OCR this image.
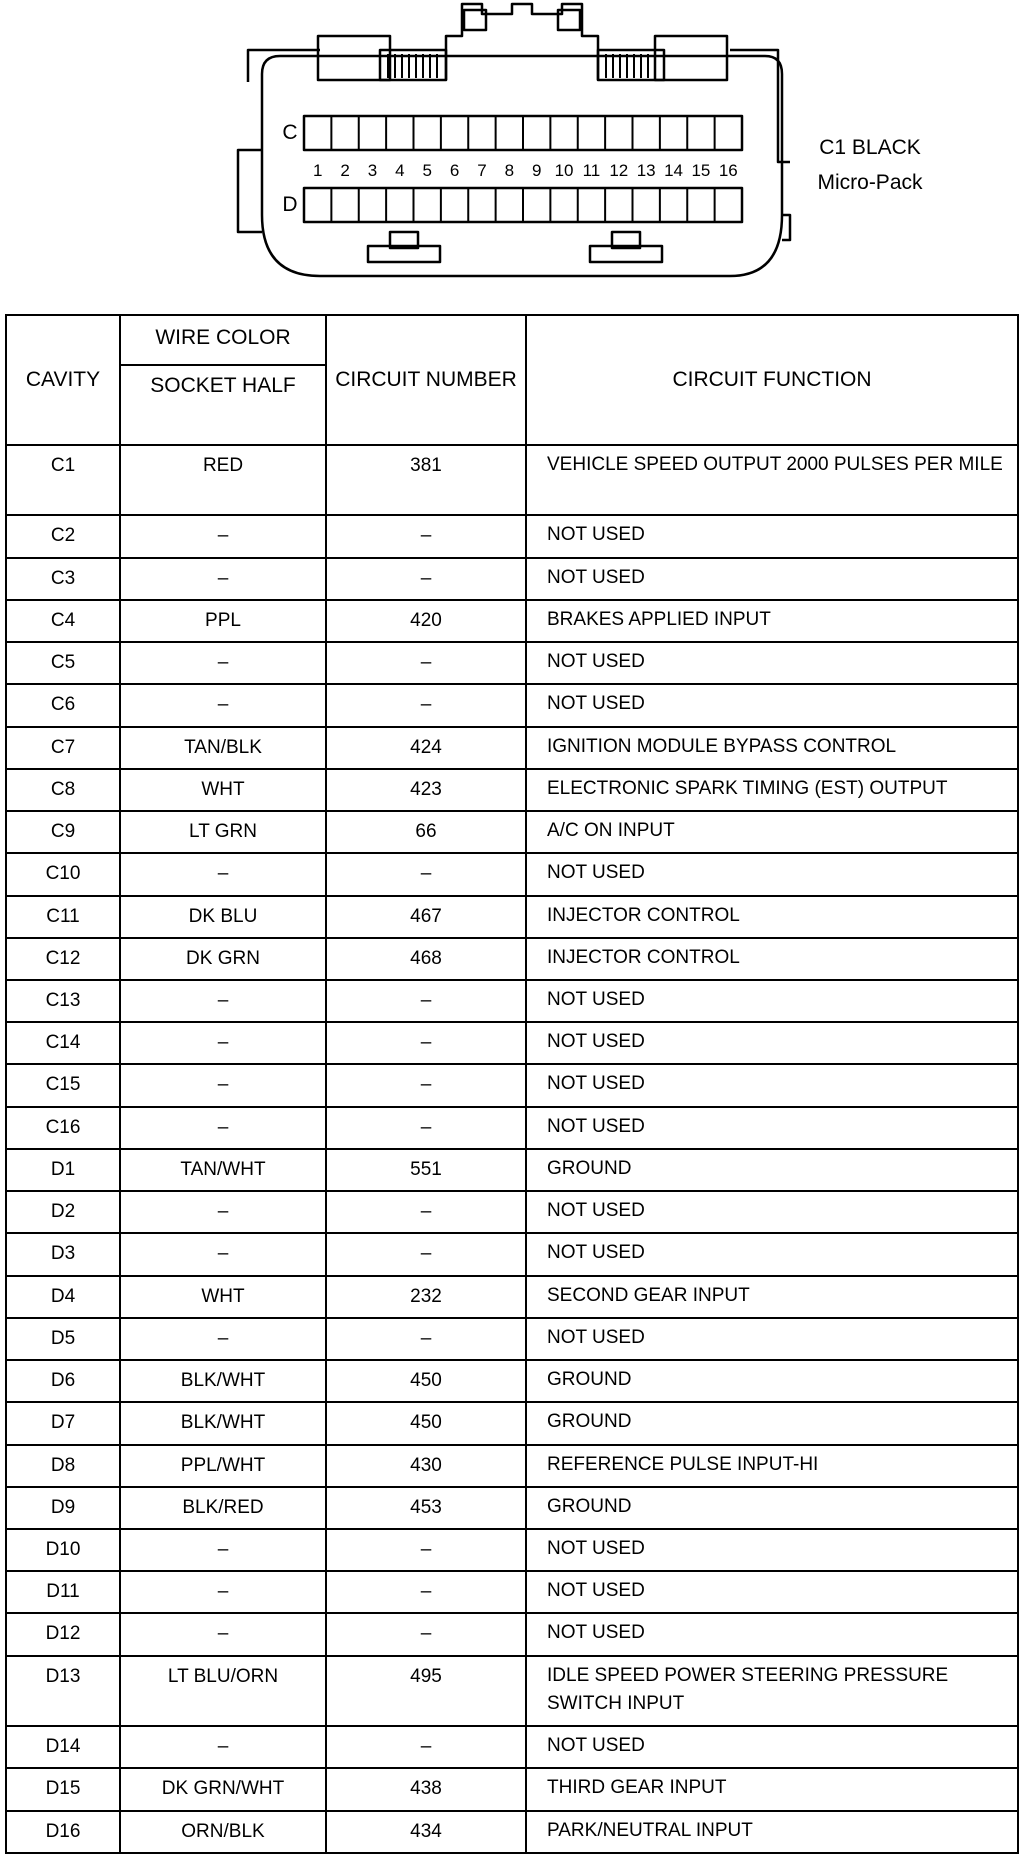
C
D
1	2	3	4	5	6	7	8	9 10 11 12 13 14 15 16
C1 BLACK
Micro-Pack
CAVITY	WIRE COLOR
SOCKET HALF	CIRCUIT NUMBER	CIRCUIT FUNCTION
C1	RED	381	VEHICLE SPEED OUTPUT 2000 PULSES PER MILE
C2	–	–	NOT USED
C3	–	–	NOT USED
C4	PPL	420	BRAKES APPLIED INPUT
C5	–	–	NOT USED
C6	–	–	NOT USED
C7	TAN/BLK	424	IGNITION MODULE BYPASS CONTROL
C8	WHT	423	ELECTRONIC SPARK TIMING (EST) OUTPUT
C9	LT GRN	66	A/C ON INPUT
C10	–	–	NOT USED
C11	DK BLU	467	INJECTOR CONTROL
C12	DK GRN	468	INJECTOR CONTROL
C13	–	–	NOT USED
C14	–	–	NOT USED
C15	–	–	NOT USED
C16	–	–	NOT USED
D1	TAN/WHT	551	GROUND
D2	–	–	NOT USED
D3	–	–	NOT USED
D4	WHT	232	SECOND GEAR INPUT
D5	–	–	NOT USED
D6	BLK/WHT	450	GROUND
D7	BLK/WHT	450	GROUND
D8	PPL/WHT	430	REFERENCE PULSE INPUT-HI
D9	BLK/RED	453	GROUND
D10	–	–	NOT USED
D11	–	–	NOT USED
D12	–	–	NOT USED
D13	LT BLU/ORN	495	IDLE SPEED POWER STEERING PRESSURE SWITCH INPUT
D14	–	–	NOT USED
D15	DK GRN/WHT	438	THIRD GEAR INPUT
D16	ORN/BLK	434	PARK/NEUTRAL INPUT
